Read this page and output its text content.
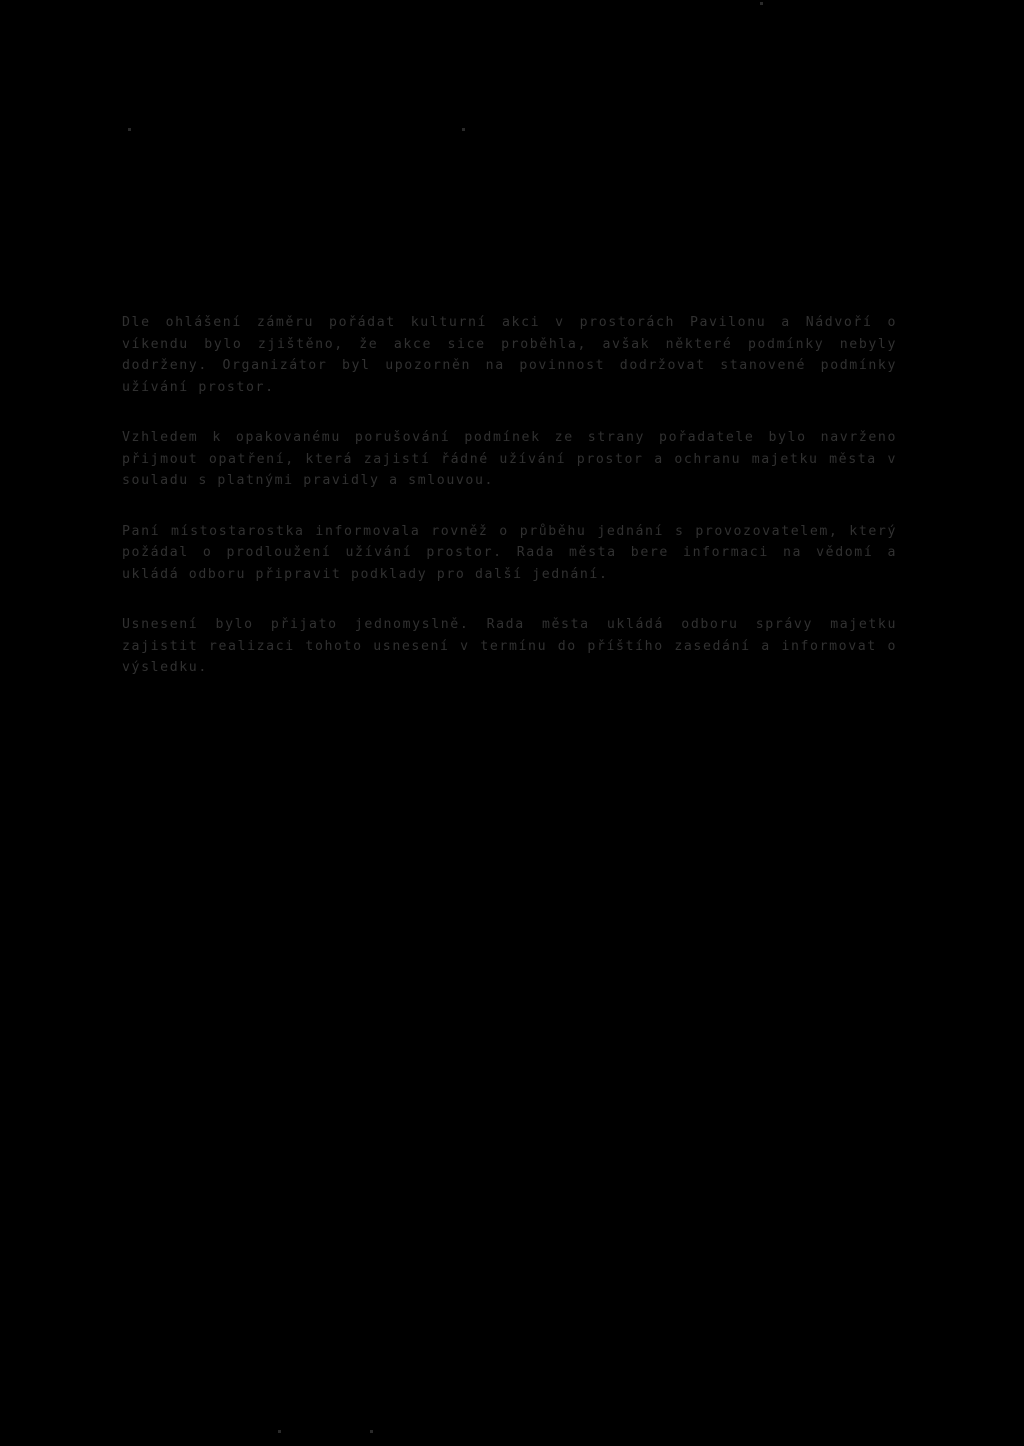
Dle ohlášení záměru pořádat kulturní akci v prostorách Pavilonu a Nádvoří o víkendu bylo zjištěno, že akce sice proběhla, avšak některé podmínky nebyly dodrženy. Organizátor byl upozorněn na povinnost dodržovat stanovené podmínky užívání prostor.

Vzhledem k opakovanému porušování podmínek ze strany pořadatele bylo navrženo přijmout opatření, která zajistí řádné užívání prostor a ochranu majetku města v souladu s platnými pravidly a smlouvou.

Paní místostarostka informovala rovněž o průběhu jednání s provozovatelem, který požádal o prodloužení užívání prostor. Rada města bere informaci na vědomí a ukládá odboru připravit podklady pro další jednání.

Usnesení bylo přijato jednomyslně. Rada města ukládá odboru správy majetku zajistit realizaci tohoto usnesení v termínu do příštího zasedání a informovat o výsledku.
